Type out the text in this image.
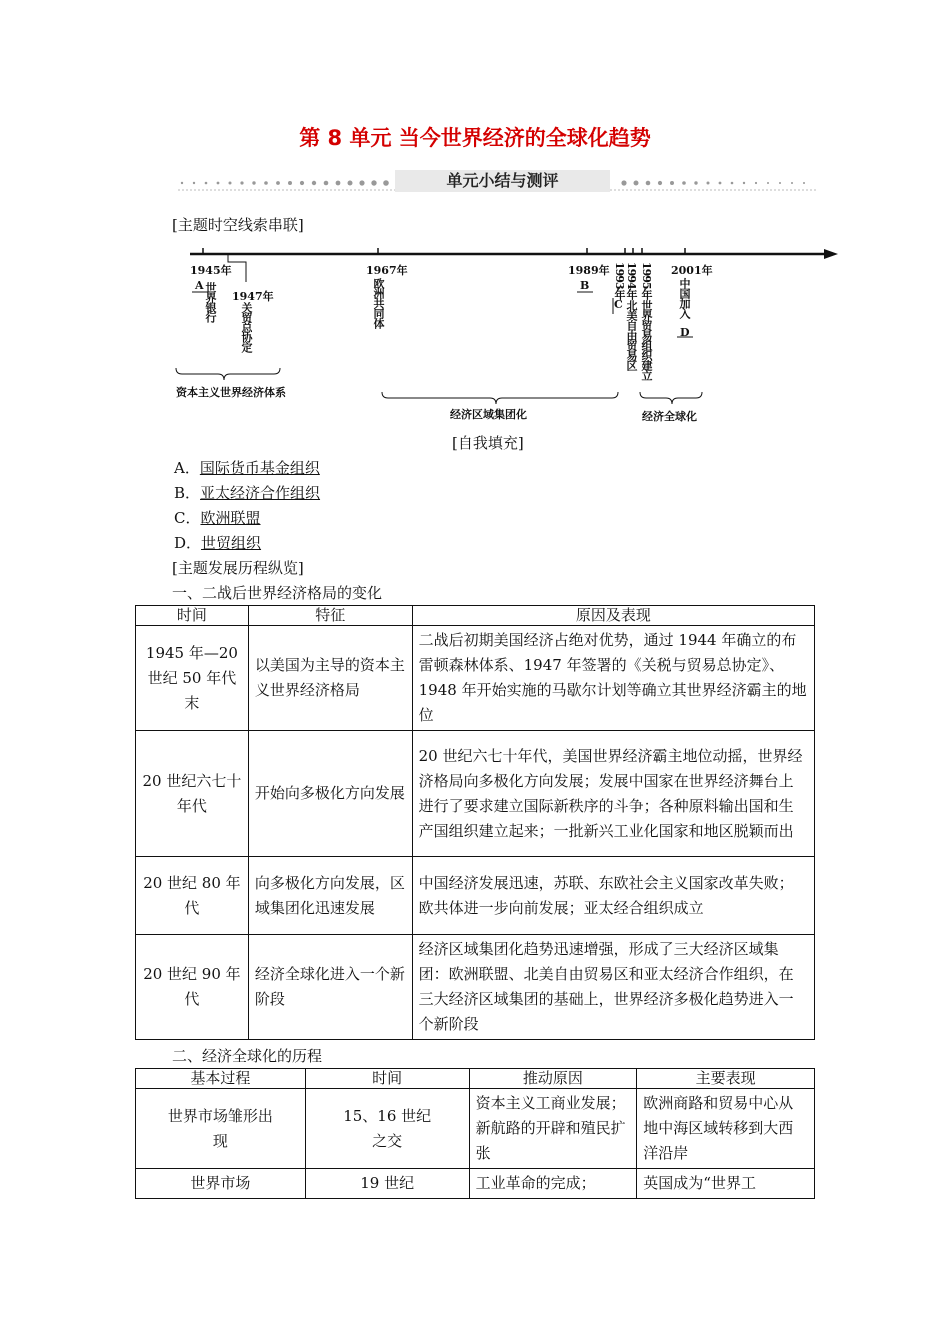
第 8 单元 当今世界经济的全球化趋势
单元小结与测评
[主题时空线索串联]
1945年
A 世界银行 1947年
关贸总协定
1967年
欧洲共同体
1989年
B 1993年
C
1994年
北美自由贸易区
1995年
世界贸易组织建立
2001年
中国加入
D
资本主义世界经济体系
经济区域集团化	经济全球化
[自我填充]
A．国际货币基金组织
B．亚太经济合作组织
C．欧洲联盟
D．世贸组织
[主题发展历程纵览]
一、二战后世界经济格局的变化
时间	特征	原因及表现
1945 年—20 世纪 50 年代末	以美国为主导的资本主义世界经济格局	二战后初期美国经济占绝对优势，通过 1944 年确立的布雷顿森林体系、1947 年签署的《关税与贸易总协定》、1948 年开始实施的马歇尔计划等确立其世界经济霸主的地位
20 世纪六七十年代	开始向多极化方向发展	20 世纪六七十年代，美国世界经济霸主地位动摇，世界经济格局向多极化方向发展；发展中国家在世界经济舞台上进行了要求建立国际新秩序的斗争；各种原料输出国和生产国组织建立起来；一批新兴工业化国家和地区脱颖而出
20 世纪 80 年代	向多极化方向发展，区域集团化迅速发展	中国经济发展迅速，苏联、东欧社会主义国家改革失败；欧共体进一步向前发展；亚太经合组织成立
20 世纪 90 年代	经济全球化进入一个新阶段	经济区域集团化趋势迅速增强，形成了三大经济区域集团：欧洲联盟、北美自由贸易区和亚太经济合作组织，在三大经济区域集团的基础上，世界经济多极化趋势进入一个新阶段
二、经济全球化的历程
基本过程	时间	推动原因	主要表现
世界市场雏形出现	15、16 世纪之交	资本主义工商业发展；新航路的开辟和殖民扩张	欧洲商路和贸易中心从地中海区域转移到大西洋沿岸
世界市场	19 世纪	工业革命的完成；	英国成为“世界工
